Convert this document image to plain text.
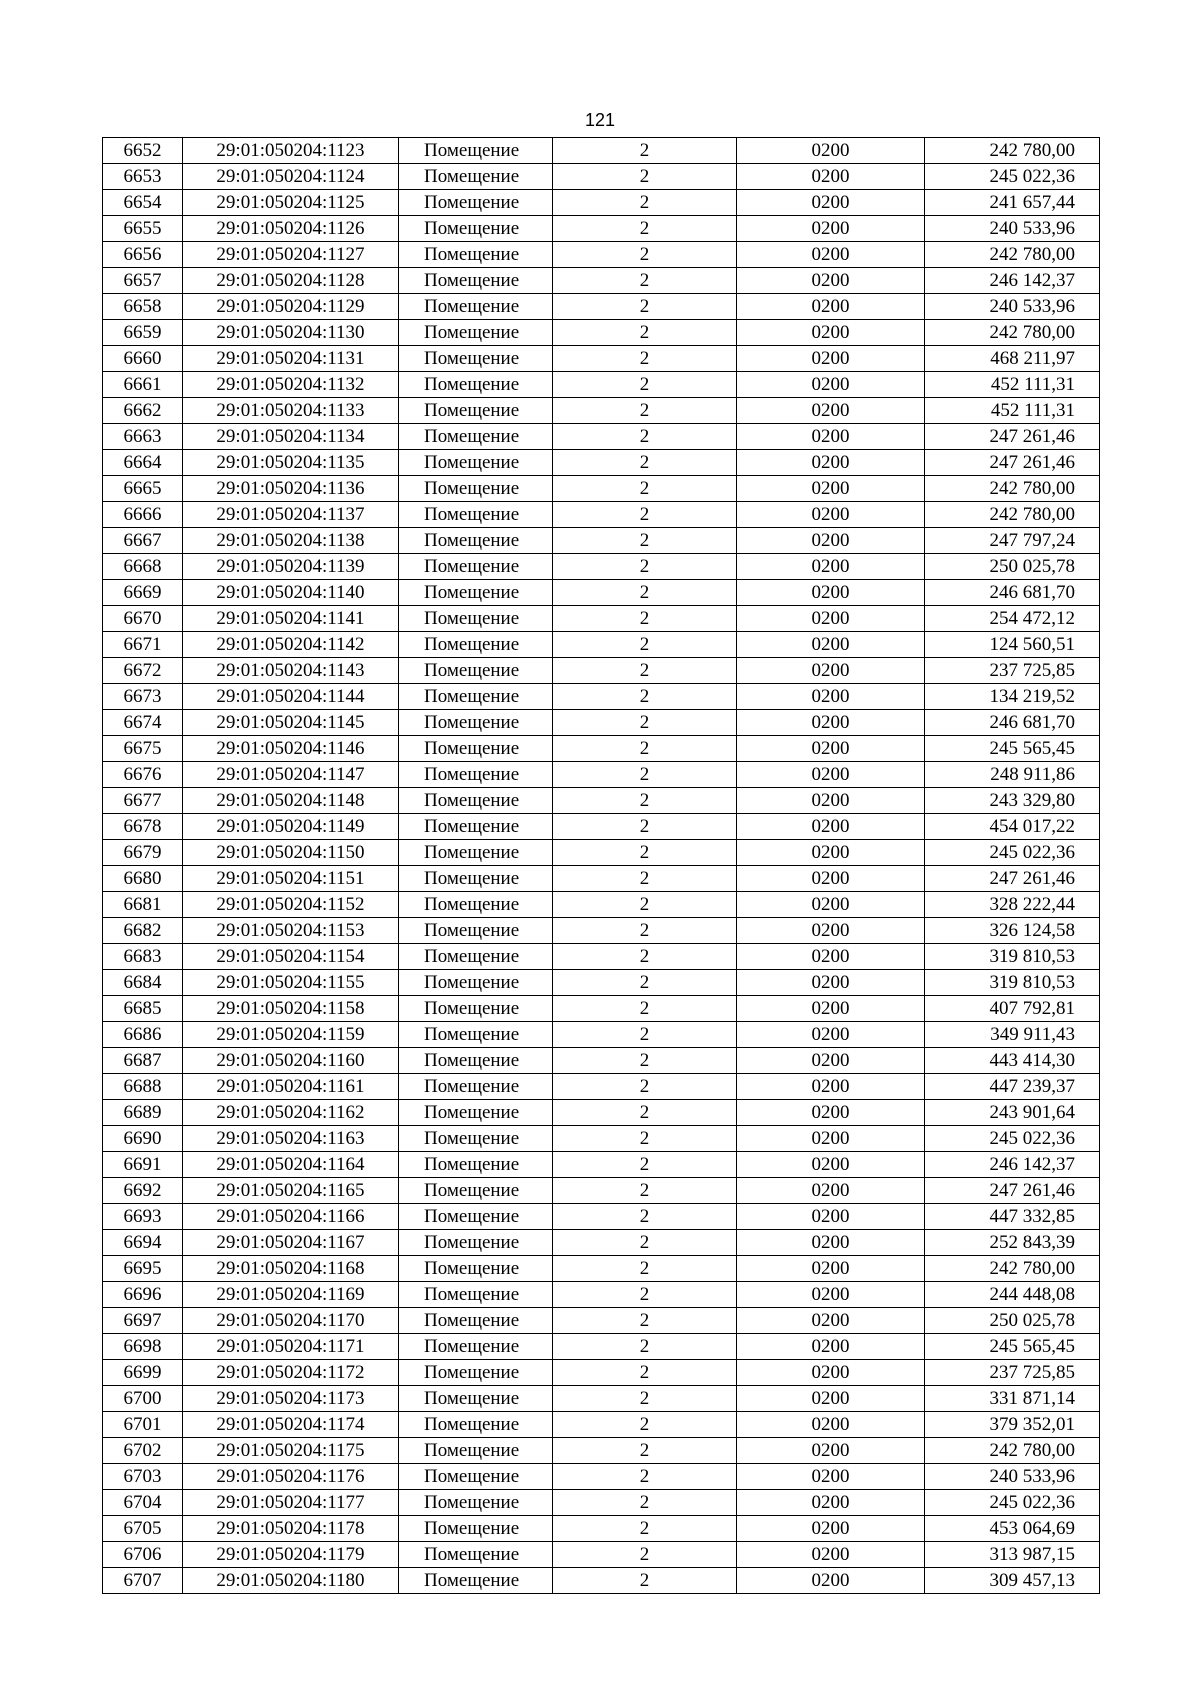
121
6652	29:01:050204:1123	Помещение	2	0200	242 780,00
6653	29:01:050204:1124	Помещение	2	0200	245 022,36
6654	29:01:050204:1125	Помещение	2	0200	241 657,44
6655	29:01:050204:1126	Помещение	2	0200	240 533,96
6656	29:01:050204:1127	Помещение	2	0200	242 780,00
6657	29:01:050204:1128	Помещение	2	0200	246 142,37
6658	29:01:050204:1129	Помещение	2	0200	240 533,96
6659	29:01:050204:1130	Помещение	2	0200	242 780,00
6660	29:01:050204:1131	Помещение	2	0200	468 211,97
6661	29:01:050204:1132	Помещение	2	0200	452 111,31
6662	29:01:050204:1133	Помещение	2	0200	452 111,31
6663	29:01:050204:1134	Помещение	2	0200	247 261,46
6664	29:01:050204:1135	Помещение	2	0200	247 261,46
6665	29:01:050204:1136	Помещение	2	0200	242 780,00
6666	29:01:050204:1137	Помещение	2	0200	242 780,00
6667	29:01:050204:1138	Помещение	2	0200	247 797,24
6668	29:01:050204:1139	Помещение	2	0200	250 025,78
6669	29:01:050204:1140	Помещение	2	0200	246 681,70
6670	29:01:050204:1141	Помещение	2	0200	254 472,12
6671	29:01:050204:1142	Помещение	2	0200	124 560,51
6672	29:01:050204:1143	Помещение	2	0200	237 725,85
6673	29:01:050204:1144	Помещение	2	0200	134 219,52
6674	29:01:050204:1145	Помещение	2	0200	246 681,70
6675	29:01:050204:1146	Помещение	2	0200	245 565,45
6676	29:01:050204:1147	Помещение	2	0200	248 911,86
6677	29:01:050204:1148	Помещение	2	0200	243 329,80
6678	29:01:050204:1149	Помещение	2	0200	454 017,22
6679	29:01:050204:1150	Помещение	2	0200	245 022,36
6680	29:01:050204:1151	Помещение	2	0200	247 261,46
6681	29:01:050204:1152	Помещение	2	0200	328 222,44
6682	29:01:050204:1153	Помещение	2	0200	326 124,58
6683	29:01:050204:1154	Помещение	2	0200	319 810,53
6684	29:01:050204:1155	Помещение	2	0200	319 810,53
6685	29:01:050204:1158	Помещение	2	0200	407 792,81
6686	29:01:050204:1159	Помещение	2	0200	349 911,43
6687	29:01:050204:1160	Помещение	2	0200	443 414,30
6688	29:01:050204:1161	Помещение	2	0200	447 239,37
6689	29:01:050204:1162	Помещение	2	0200	243 901,64
6690	29:01:050204:1163	Помещение	2	0200	245 022,36
6691	29:01:050204:1164	Помещение	2	0200	246 142,37
6692	29:01:050204:1165	Помещение	2	0200	247 261,46
6693	29:01:050204:1166	Помещение	2	0200	447 332,85
6694	29:01:050204:1167	Помещение	2	0200	252 843,39
6695	29:01:050204:1168	Помещение	2	0200	242 780,00
6696	29:01:050204:1169	Помещение	2	0200	244 448,08
6697	29:01:050204:1170	Помещение	2	0200	250 025,78
6698	29:01:050204:1171	Помещение	2	0200	245 565,45
6699	29:01:050204:1172	Помещение	2	0200	237 725,85
6700	29:01:050204:1173	Помещение	2	0200	331 871,14
6701	29:01:050204:1174	Помещение	2	0200	379 352,01
6702	29:01:050204:1175	Помещение	2	0200	242 780,00
6703	29:01:050204:1176	Помещение	2	0200	240 533,96
6704	29:01:050204:1177	Помещение	2	0200	245 022,36
6705	29:01:050204:1178	Помещение	2	0200	453 064,69
6706	29:01:050204:1179	Помещение	2	0200	313 987,15
6707	29:01:050204:1180	Помещение	2	0200	309 457,13
